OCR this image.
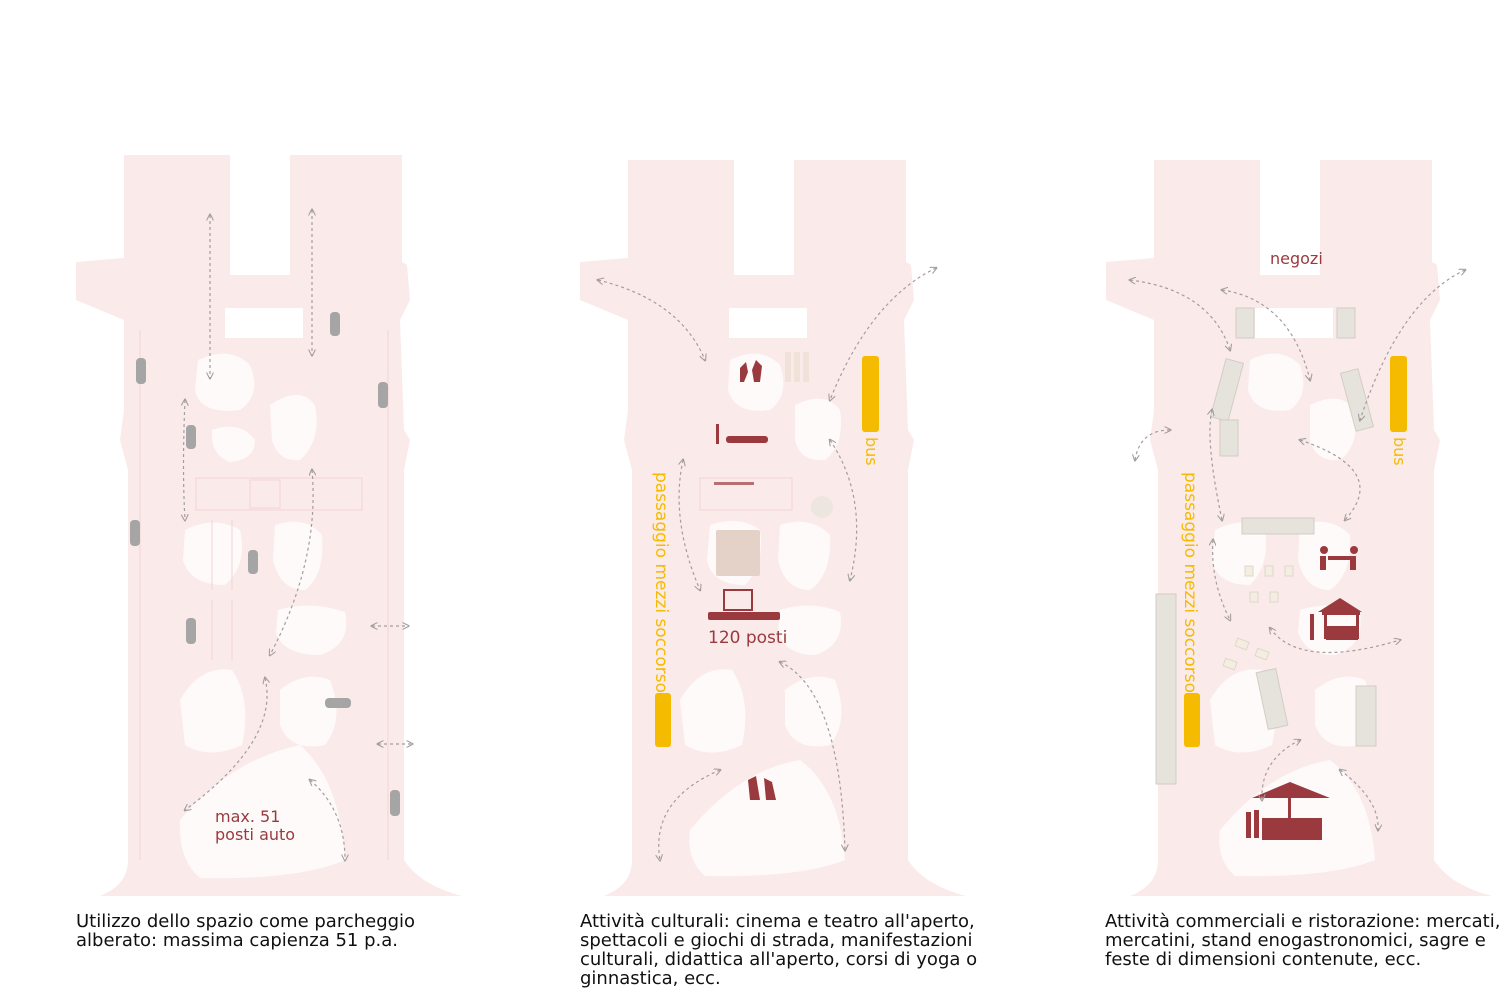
max. 51
posti auto
bus
passaggio mezzi soccorso 120 posti
negozi
bus
passaggio mezzi soccorso
Utilizzo dello spazio come parcheggio
alberato: massima capienza 51 p.a.
Attività culturali: cinema e teatro all'aperto,
spettacoli e giochi di strada, manifestazioni
culturali, didattica all'aperto, corsi di yoga o
ginnastica, ecc.
Attività commerciali e ristorazione: mercati,
mercatini, stand enogastronomici, sagre e
feste di dimensioni contenute, ecc.
